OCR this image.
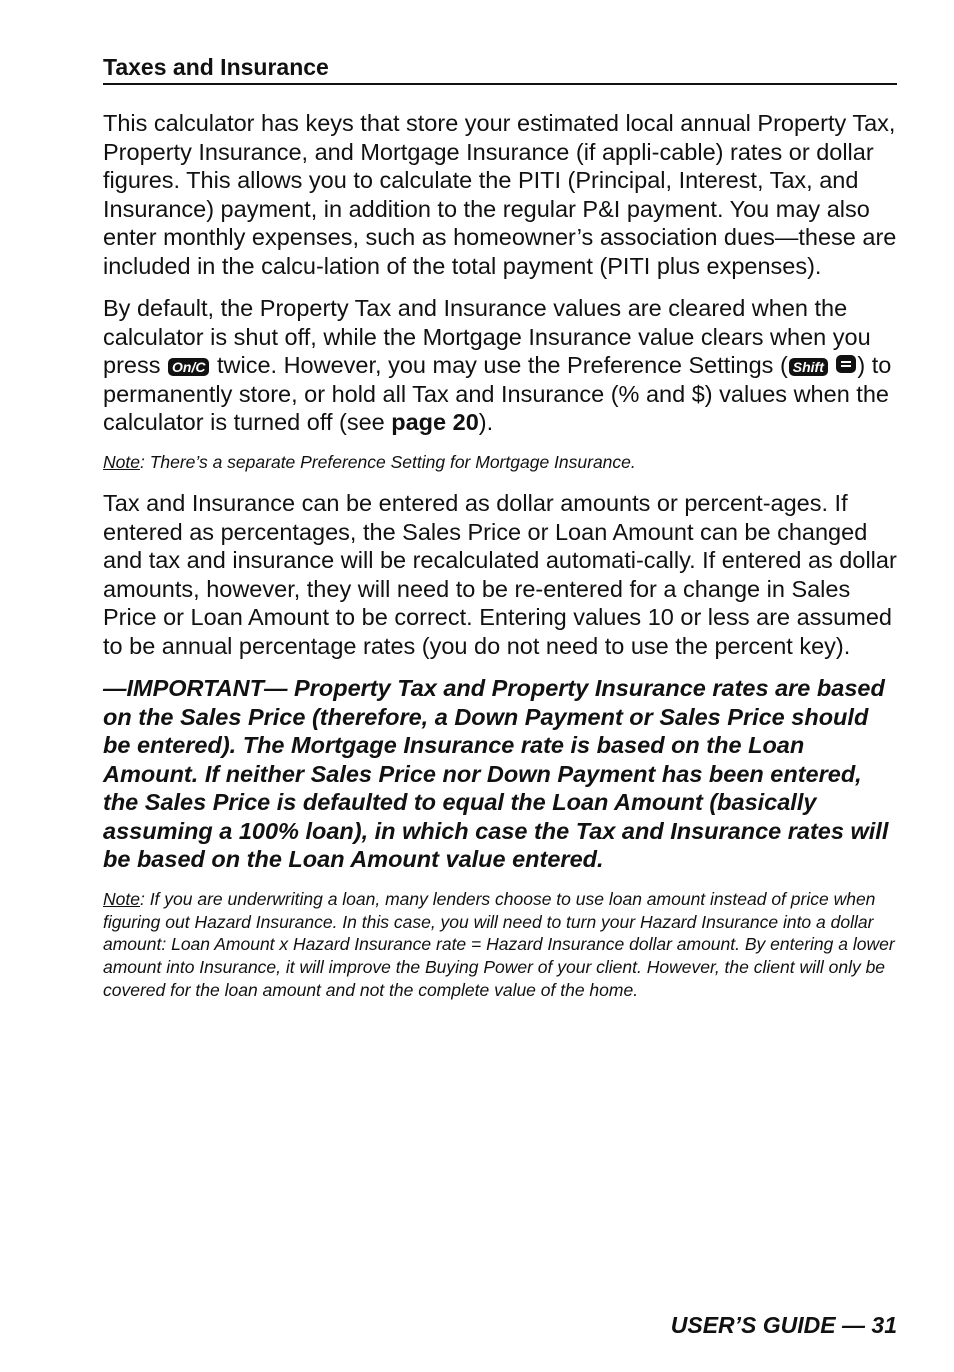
Taxes and Insurance

This calculator has keys that store your estimated local annual Property Tax, Property Insurance, and Mortgage Insurance (if appli-cable) rates or dollar figures. This allows you to calculate the PITI (Principal, Interest, Tax, and Insurance) payment, in addition to the regular P&I payment. You may also enter monthly expenses, such as homeowner’s association dues—these are included in the calcu-lation of the total payment (PITI plus expenses).

By default, the Property Tax and Insurance values are cleared when the calculator is shut off, while the Mortgage Insurance value clears when you press On/C twice. However, you may use the Preference Settings ( Shift ) to permanently store, or hold all Tax and Insurance (% and $) values when the calculator is turned off (see page 20).

Note: There’s a separate Preference Setting for Mortgage Insurance.

Tax and Insurance can be entered as dollar amounts or percent-ages. If entered as percentages, the Sales Price or Loan Amount can be changed and tax and insurance will be recalculated automati-cally. If entered as dollar amounts, however, they will need to be re-entered for a change in Sales Price or Loan Amount to be correct. Entering values 10 or less are assumed to be annual percentage rates (you do not need to use the percent key).

—IMPORTANT— Property Tax and Property Insurance rates are based on the Sales Price (therefore, a Down Payment or Sales Price should be entered). The Mortgage Insurance rate is based on the Loan Amount. If neither Sales Price nor Down Payment has been entered, the Sales Price is defaulted to equal the Loan Amount (basically assuming a 100% loan), in which case the Tax and Insurance rates will be based on the Loan Amount value entered.

Note: If you are underwriting a loan, many lenders choose to use loan amount instead of price when figuring out Hazard Insurance. In this case, you will need to turn your Hazard Insurance into a dollar amount: Loan Amount x Hazard Insurance rate = Hazard Insurance dollar amount. By entering a lower amount into Insurance, it will improve the Buying Power of your client. However, the client will only be covered for the loan amount and not the complete value of the home.

USER’S GUIDE — 31
